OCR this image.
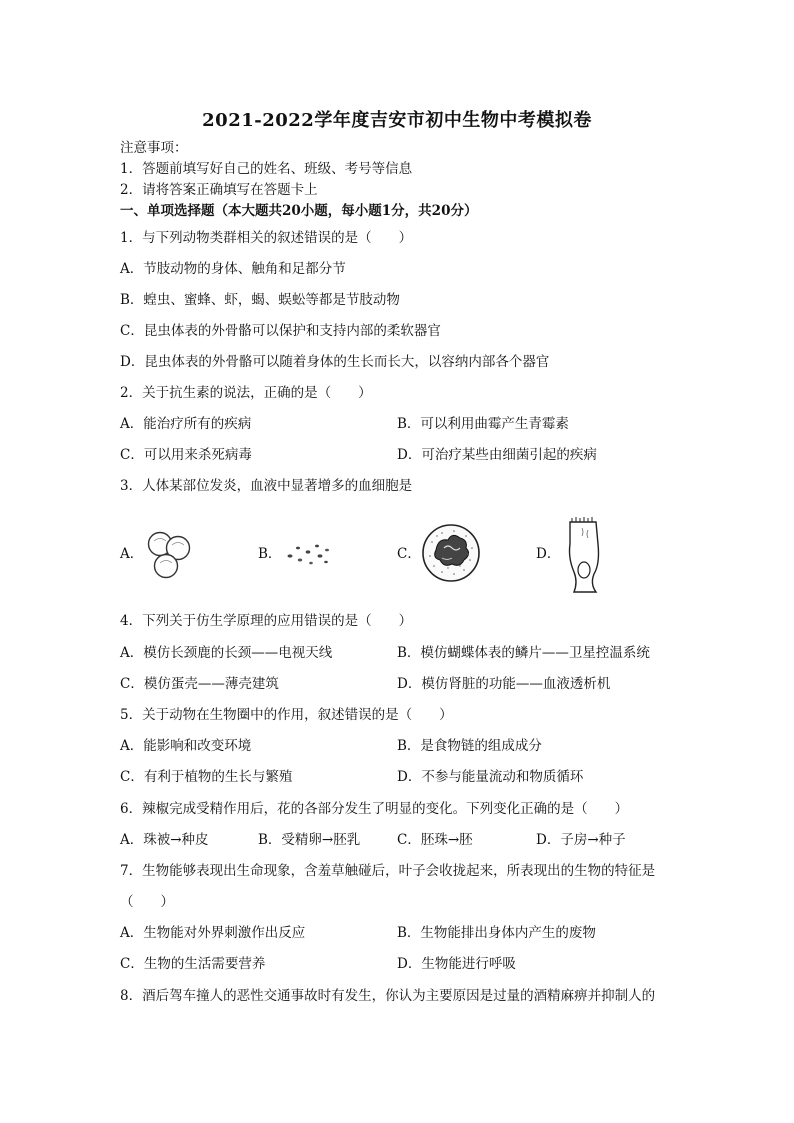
2021-2022学年度吉安市初中生物中考模拟卷
注意事项：
1．答题前填写好自己的姓名、班级、考号等信息
2．请将答案正确填写在答题卡上
一、单项选择题（本大题共20小题，每小题1分，共20分）
1．与下列动物类群相关的叙述错误的是（　　）
A．节肢动物的身体、触角和足都分节
B．蝗虫、蜜蜂、虾，蝎、蜈蚣等都是节肢动物
C．昆虫体表的外骨骼可以保护和支持内部的柔软器官
D．昆虫体表的外骨骼可以随着身体的生长而长大，以容纳内部各个器官
2．关于抗生素的说法，正确的是（　　）
A．能治疗所有的疾病	B．可以利用曲霉产生青霉素
C．可以用来杀死病毒	D．可治疗某些由细菌引起的疾病
3．人体某部位发炎，血液中显著增多的血细胞是
A．	B．	C．	D．
4．下列关于仿生学原理的应用错误的是（　　）
A．模仿长颈鹿的长颈——电视天线	B．模仿蝴蝶体表的鳞片——卫星控温系统
C．模仿蛋壳——薄壳建筑	D．模仿肾脏的功能——血液透析机
5．关于动物在生物圈中的作用，叙述错误的是（　　）
A．能影响和改变环境	B．是食物链的组成成分
C．有利于植物的生长与繁殖	D．不参与能量流动和物质循环
6．辣椒完成受精作用后，花的各部分发生了明显的变化。下列变化正确的是（　　）
A．珠被→种皮	B．受精卵→胚乳	C．胚珠→胚	D．子房→种子
7．生物能够表现出生命现象，含羞草触碰后，叶子会收拢起来，所表现出的生物的特征是
（　　）
A．生物能对外界刺激作出反应	B．生物能排出身体内产生的废物
C．生物的生活需要营养	D．生物能进行呼吸
8．酒后驾车撞人的恶性交通事故时有发生，你认为主要原因是过量的酒精麻痹并抑制人的
